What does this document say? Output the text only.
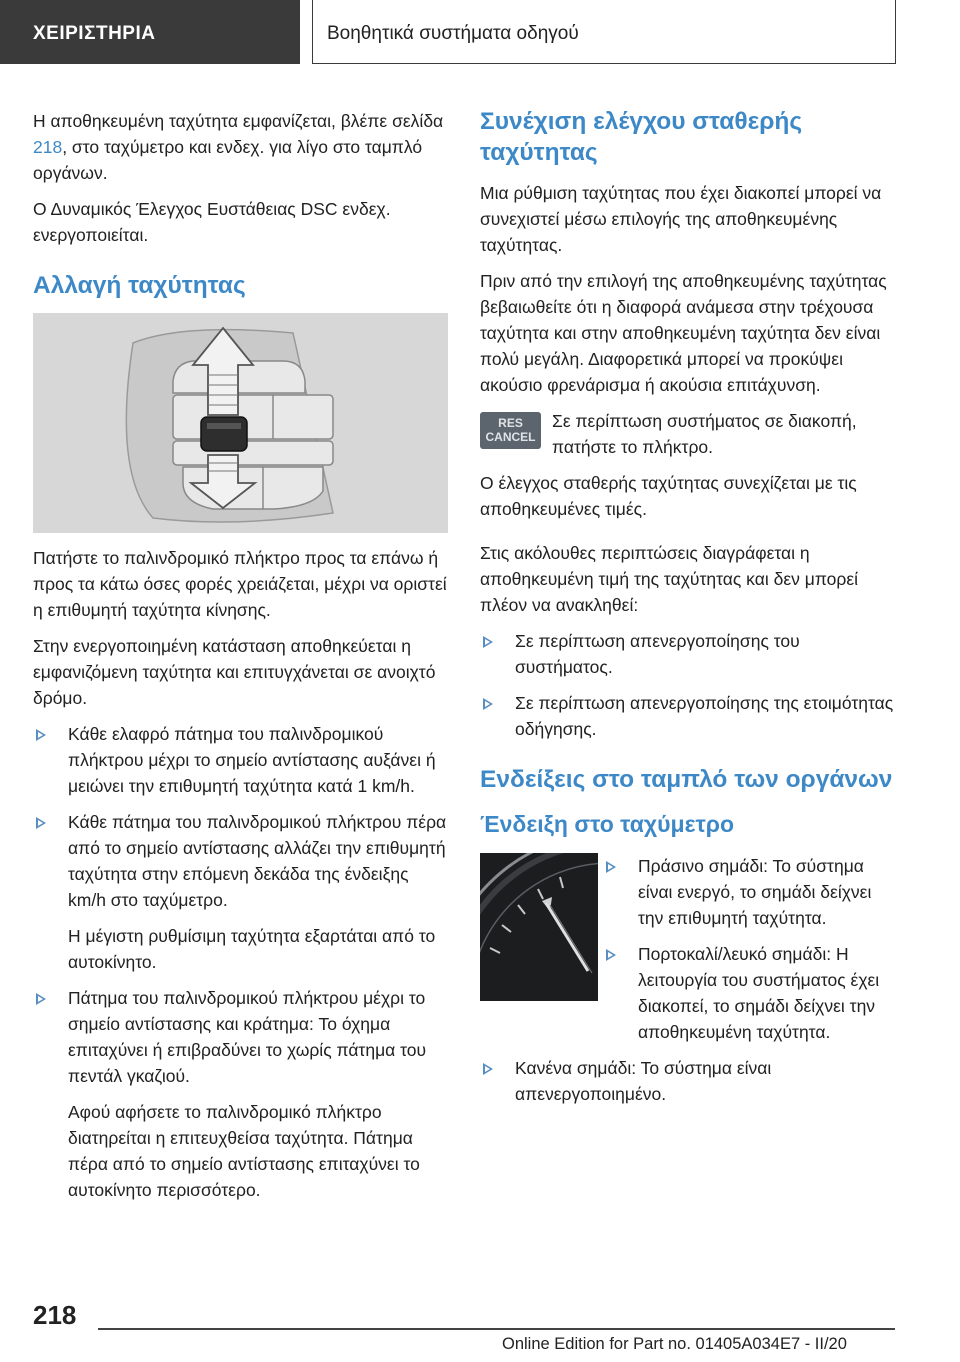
ΧΕΙΡΙΣΤΗΡΙΑ	Βοηθητικά συστήματα οδηγού

Η αποθηκευμένη ταχύτητα εμφανίζεται, βλέπε σελίδα 218, στο ταχύμετρο και ενδεχ. για λίγο στο ταμπλό οργάνων.

Ο Δυναμικός Έλεγχος Ευστάθειας DSC ενδεχ. ενεργοποιείται.

Αλλαγή ταχύτητας

Πατήστε το παλινδρομικό πλήκτρο προς τα επάνω ή προς τα κάτω όσες φορές χρειάζεται, μέχρι να οριστεί η επιθυμητή ταχύτητα κίνησης.

Στην ενεργοποιημένη κατάσταση αποθηκεύεται η εμφανιζόμενη ταχύτητα και επιτυγχάνεται σε ανοιχτό δρόμο.

Κάθε ελαφρό πάτημα του παλινδρομικού πλήκτρου μέχρι το σημείο αντίστασης αυξάνει ή μειώνει την επιθυμητή ταχύτητα κατά 1 km/h.
Κάθε πάτημα του παλινδρομικού πλήκτρου πέρα από το σημείο αντίστασης αλλάζει την επιθυμητή ταχύτητα στην επόμενη δεκάδα της ένδειξης km/h στο ταχύμετρο.
Η μέγιστη ρυθμίσιμη ταχύτητα εξαρτάται από το αυτοκίνητο.
Πάτημα του παλινδρομικού πλήκτρου μέχρι το σημείο αντίστασης και κράτημα: Το όχημα επιταχύνει ή επιβραδύνει το χωρίς πάτημα του πεντάλ γκαζιού.
Αφού αφήσετε το παλινδρομικό πλήκτρο διατηρείται η επιτευχθείσα ταχύτητα. Πάτημα πέρα από το σημείο αντίστασης επιταχύνει το αυτοκίνητο περισσότερο.
Συνέχιση ελέγχου σταθερής ταχύτητας

Μια ρύθμιση ταχύτητας που έχει διακοπεί μπορεί να συνεχιστεί μέσω επιλογής της αποθηκευμένης ταχύτητας.

Πριν από την επιλογή της αποθηκευμένης ταχύτητας βεβαιωθείτε ότι η διαφορά ανάμεσα στην τρέχουσα ταχύτητα και στην αποθηκευμένη ταχύτητα δεν είναι πολύ μεγάλη. Διαφορετικά μπορεί να προκύψει ακούσιο φρενάρισμα ή ακούσια επιτάχυνση.

RES
CANCEL
Σε περίπτωση συστήματος σε διακοπή, πατήστε το πλήκτρο.

Ο έλεγχος σταθερής ταχύτητας συνεχίζεται με τις αποθηκευμένες τιμές.

Στις ακόλουθες περιπτώσεις διαγράφεται η αποθηκευμένη τιμή της ταχύτητας και δεν μπορεί πλέον να ανακληθεί:

Σε περίπτωση απενεργοποίησης του συστήματος.
Σε περίπτωση απενεργοποίησης της ετοιμότητας οδήγησης.
Ενδείξεις στο ταμπλό των οργάνων
Ένδειξη στο ταχύμετρο
Πράσινο σημάδι: Το σύστημα είναι ενεργό, το σημάδι δείχνει την επιθυμητή ταχύτητα.
Πορτοκαλί/λευκό σημάδι: Η λειτουργία του συστήματος έχει διακοπεί, το σημάδι δείχνει την αποθηκευμένη ταχύτητα.
Κανένα σημάδι: Το σύστημα είναι απενεργοποιημένο.
218
Online Edition for Part no. 01405A034E7 - II/20
